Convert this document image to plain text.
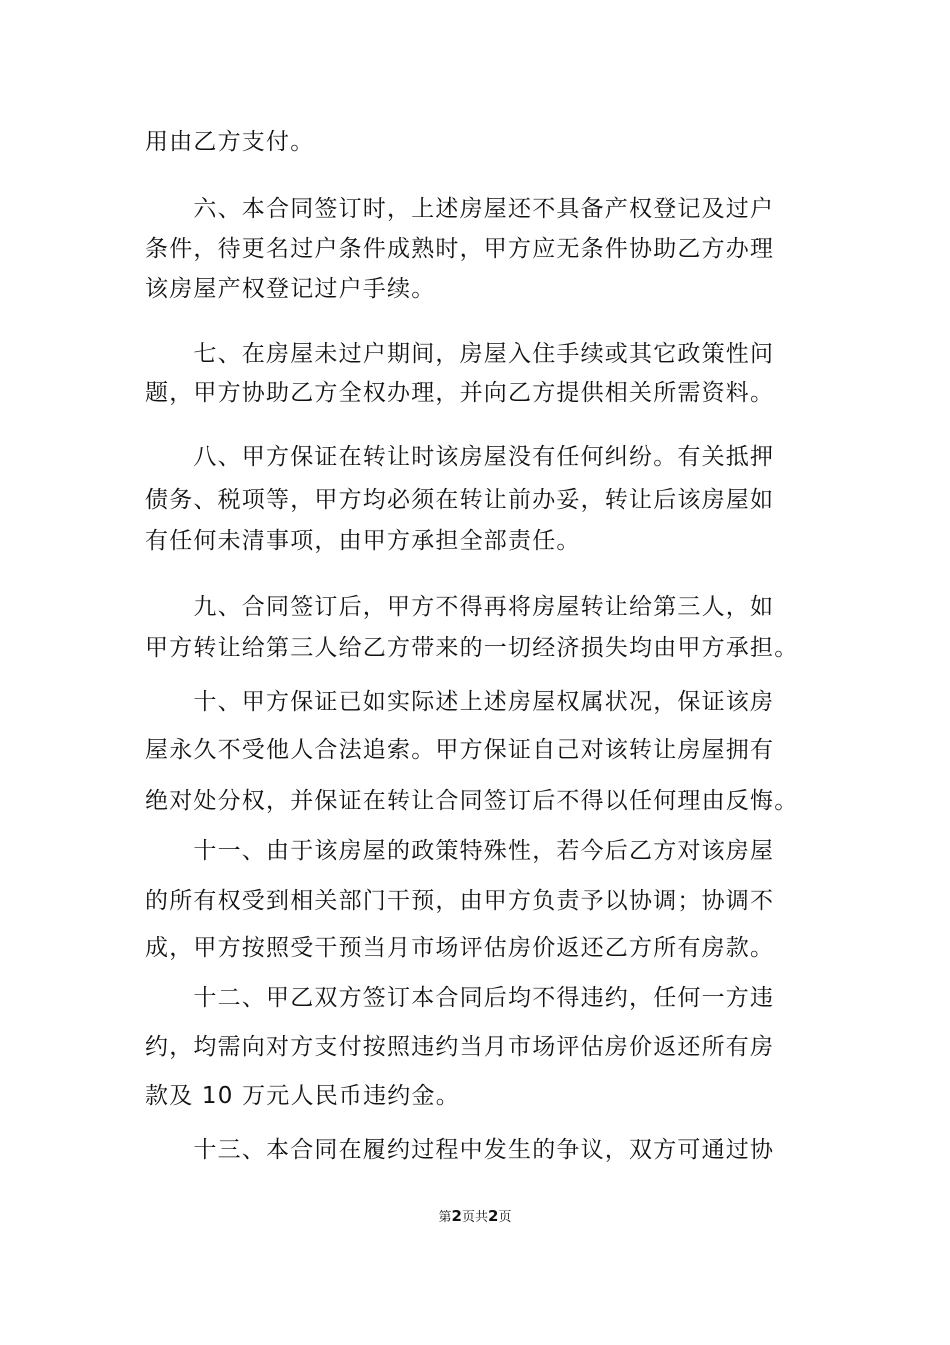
用由乙方支付。
　　六、本合同签订时，上述房屋还不具备产权登记及过户
条件，待更名过户条件成熟时，甲方应无条件协助乙方办理
该房屋产权登记过户手续。
　　七、在房屋未过户期间，房屋入住手续或其它政策性问
题，甲方协助乙方全权办理，并向乙方提供相关所需资料。
　　八、甲方保证在转让时该房屋没有任何纠纷。有关抵押
债务、税项等，甲方均必须在转让前办妥，转让后该房屋如
有任何未清事项，由甲方承担全部责任。
　　九、合同签订后，甲方不得再将房屋转让给第三人，如
甲方转让给第三人给乙方带来的一切经济损失均由甲方承担。
　　十、甲方保证已如实际述上述房屋权属状况，保证该房
屋永久不受他人合法追索。甲方保证自己对该转让房屋拥有
绝对处分权，并保证在转让合同签订后不得以任何理由反悔。
　　十一、由于该房屋的政策特殊性，若今后乙方对该房屋
的所有权受到相关部门干预，由甲方负责予以协调；协调不
成，甲方按照受干预当月市场评估房价返还乙方所有房款。
　　十二、甲乙双方签订本合同后均不得违约，任何一方违
约，均需向对方支付按照违约当月市场评估房价返还所有房
款及 10 万元人民币违约金。
　　十三、本合同在履约过程中发生的争议，双方可通过协
第2页共2页
